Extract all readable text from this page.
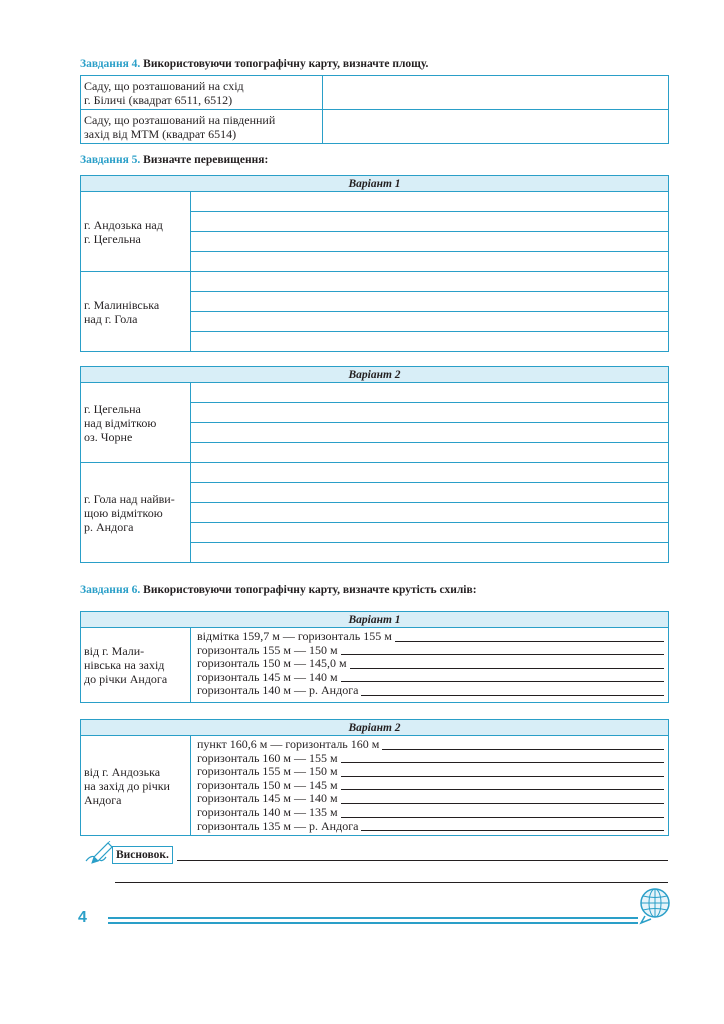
Завдання 4. Використовуючи топографічну карту, визначте площу.
Саду, що розташований на схід
г. Біличі (квадрат 6511, 6512)	

Саду, що розташований на південний
захід від МТМ (квадрат 6514)	

Завдання 5. Визначте перевищення:
Варіант 1	

г. Андозька над
г. Цегельна	

г. Малинівська
над г. Гола	

Варіант 2	

г. Цегельна
над відміткою
оз. Чорне	

г. Гола над найви-
щою відміткою
р. Андога	

Завдання 6. Використовуючи топографічну карту, визначте крутість схилів:
Варіант 1

від г. Мали-
нівська на захід
до річки Андога

відмітка 159,7 м — горизонталь 155 м
горизонталь 155 м — 150 м
горизонталь 150 м — 145,0 м
горизонталь 145 м — 140 м
горизонталь 140 м — р. Андога
Варіант 2

від г. Андозька
на захід до річки
Андога

пункт 160,6 м — горизонталь 160 м
горизонталь 160 м — 155 м
горизонталь 155 м — 150 м
горизонталь 150 м — 145 м
горизонталь 145 м — 140 м
горизонталь 140 м — 135 м
горизонталь 135 м — р. Андога
Висновок.
4
